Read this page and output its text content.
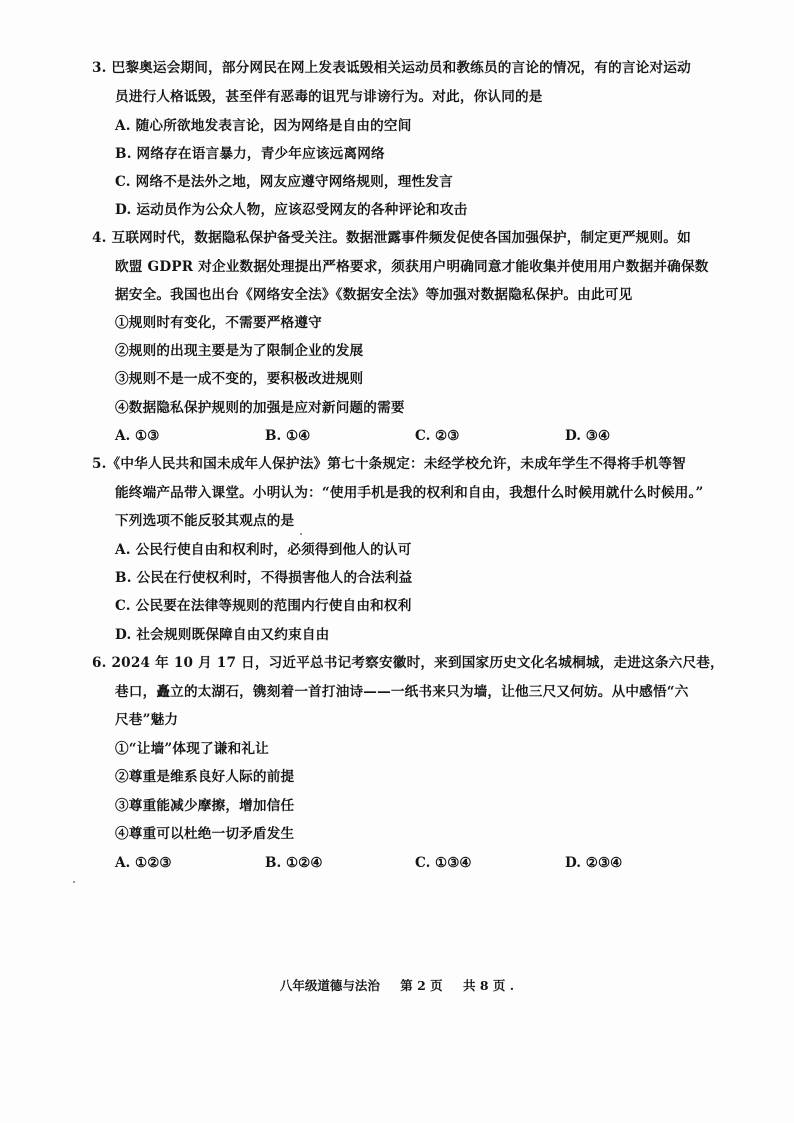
3. 巴黎奥运会期间，部分网民在网上发表诋毁相关运动员和教练员的言论的情况，有的言论对运动
员进行人格诋毁，甚至伴有恶毒的诅咒与诽谤行为。对此，你认同的是
A. 随心所欲地发表言论，因为网络是自由的空间
B. 网络存在语言暴力，青少年应该远离网络
C. 网络不是法外之地，网友应遵守网络规则，理性发言
D. 运动员作为公众人物，应该忍受网友的各种评论和攻击
4. 互联网时代，数据隐私保护备受关注。数据泄露事件频发促使各国加强保护，制定更严规则。如
欧盟 GDPR 对企业数据处理提出严格要求，须获用户明确同意才能收集并使用用户数据并确保数
据安全。我国也出台《网络安全法》《数据安全法》等加强对数据隐私保护。由此可见
①规则时有变化，不需要严格遵守
②规则的出现主要是为了限制企业的发展
③规则不是一成不变的，要积极改进规则
④数据隐私保护规则的加强是应对新问题的需要
A. ①③	B. ①④	C. ②③	D. ③④
5.《中华人民共和国未成年人保护法》第七十条规定：未经学校允许，未成年学生不得将手机等智
能终端产品带入课堂。小明认为：“使用手机是我的权利和自由，我想什么时候用就什么时候用。”
下列选项不能反驳其观点的是
A. 公民行使自由和权利时，必须得到他人的认可
B. 公民在行使权利时，不得损害他人的合法利益
C. 公民要在法律等规则的范围内行使自由和权利
D. 社会规则既保障自由又约束自由
6. 2024 年 10 月 17 日，习近平总书记考察安徽时，来到国家历史文化名城桐城，走进这条六尺巷，
巷口，矗立的太湖石，镌刻着一首打油诗——一纸书来只为墙，让他三尺又何妨。从中感悟“六
尺巷”魅力
①“让墙”体现了谦和礼让
②尊重是维系良好人际的前提
③尊重能减少摩擦，增加信任
④尊重可以杜绝一切矛盾发生
A. ①②③	B. ①②④	C. ①③④	D. ②③④
八年级道德与法治 第 2 页 共 8 页 .
